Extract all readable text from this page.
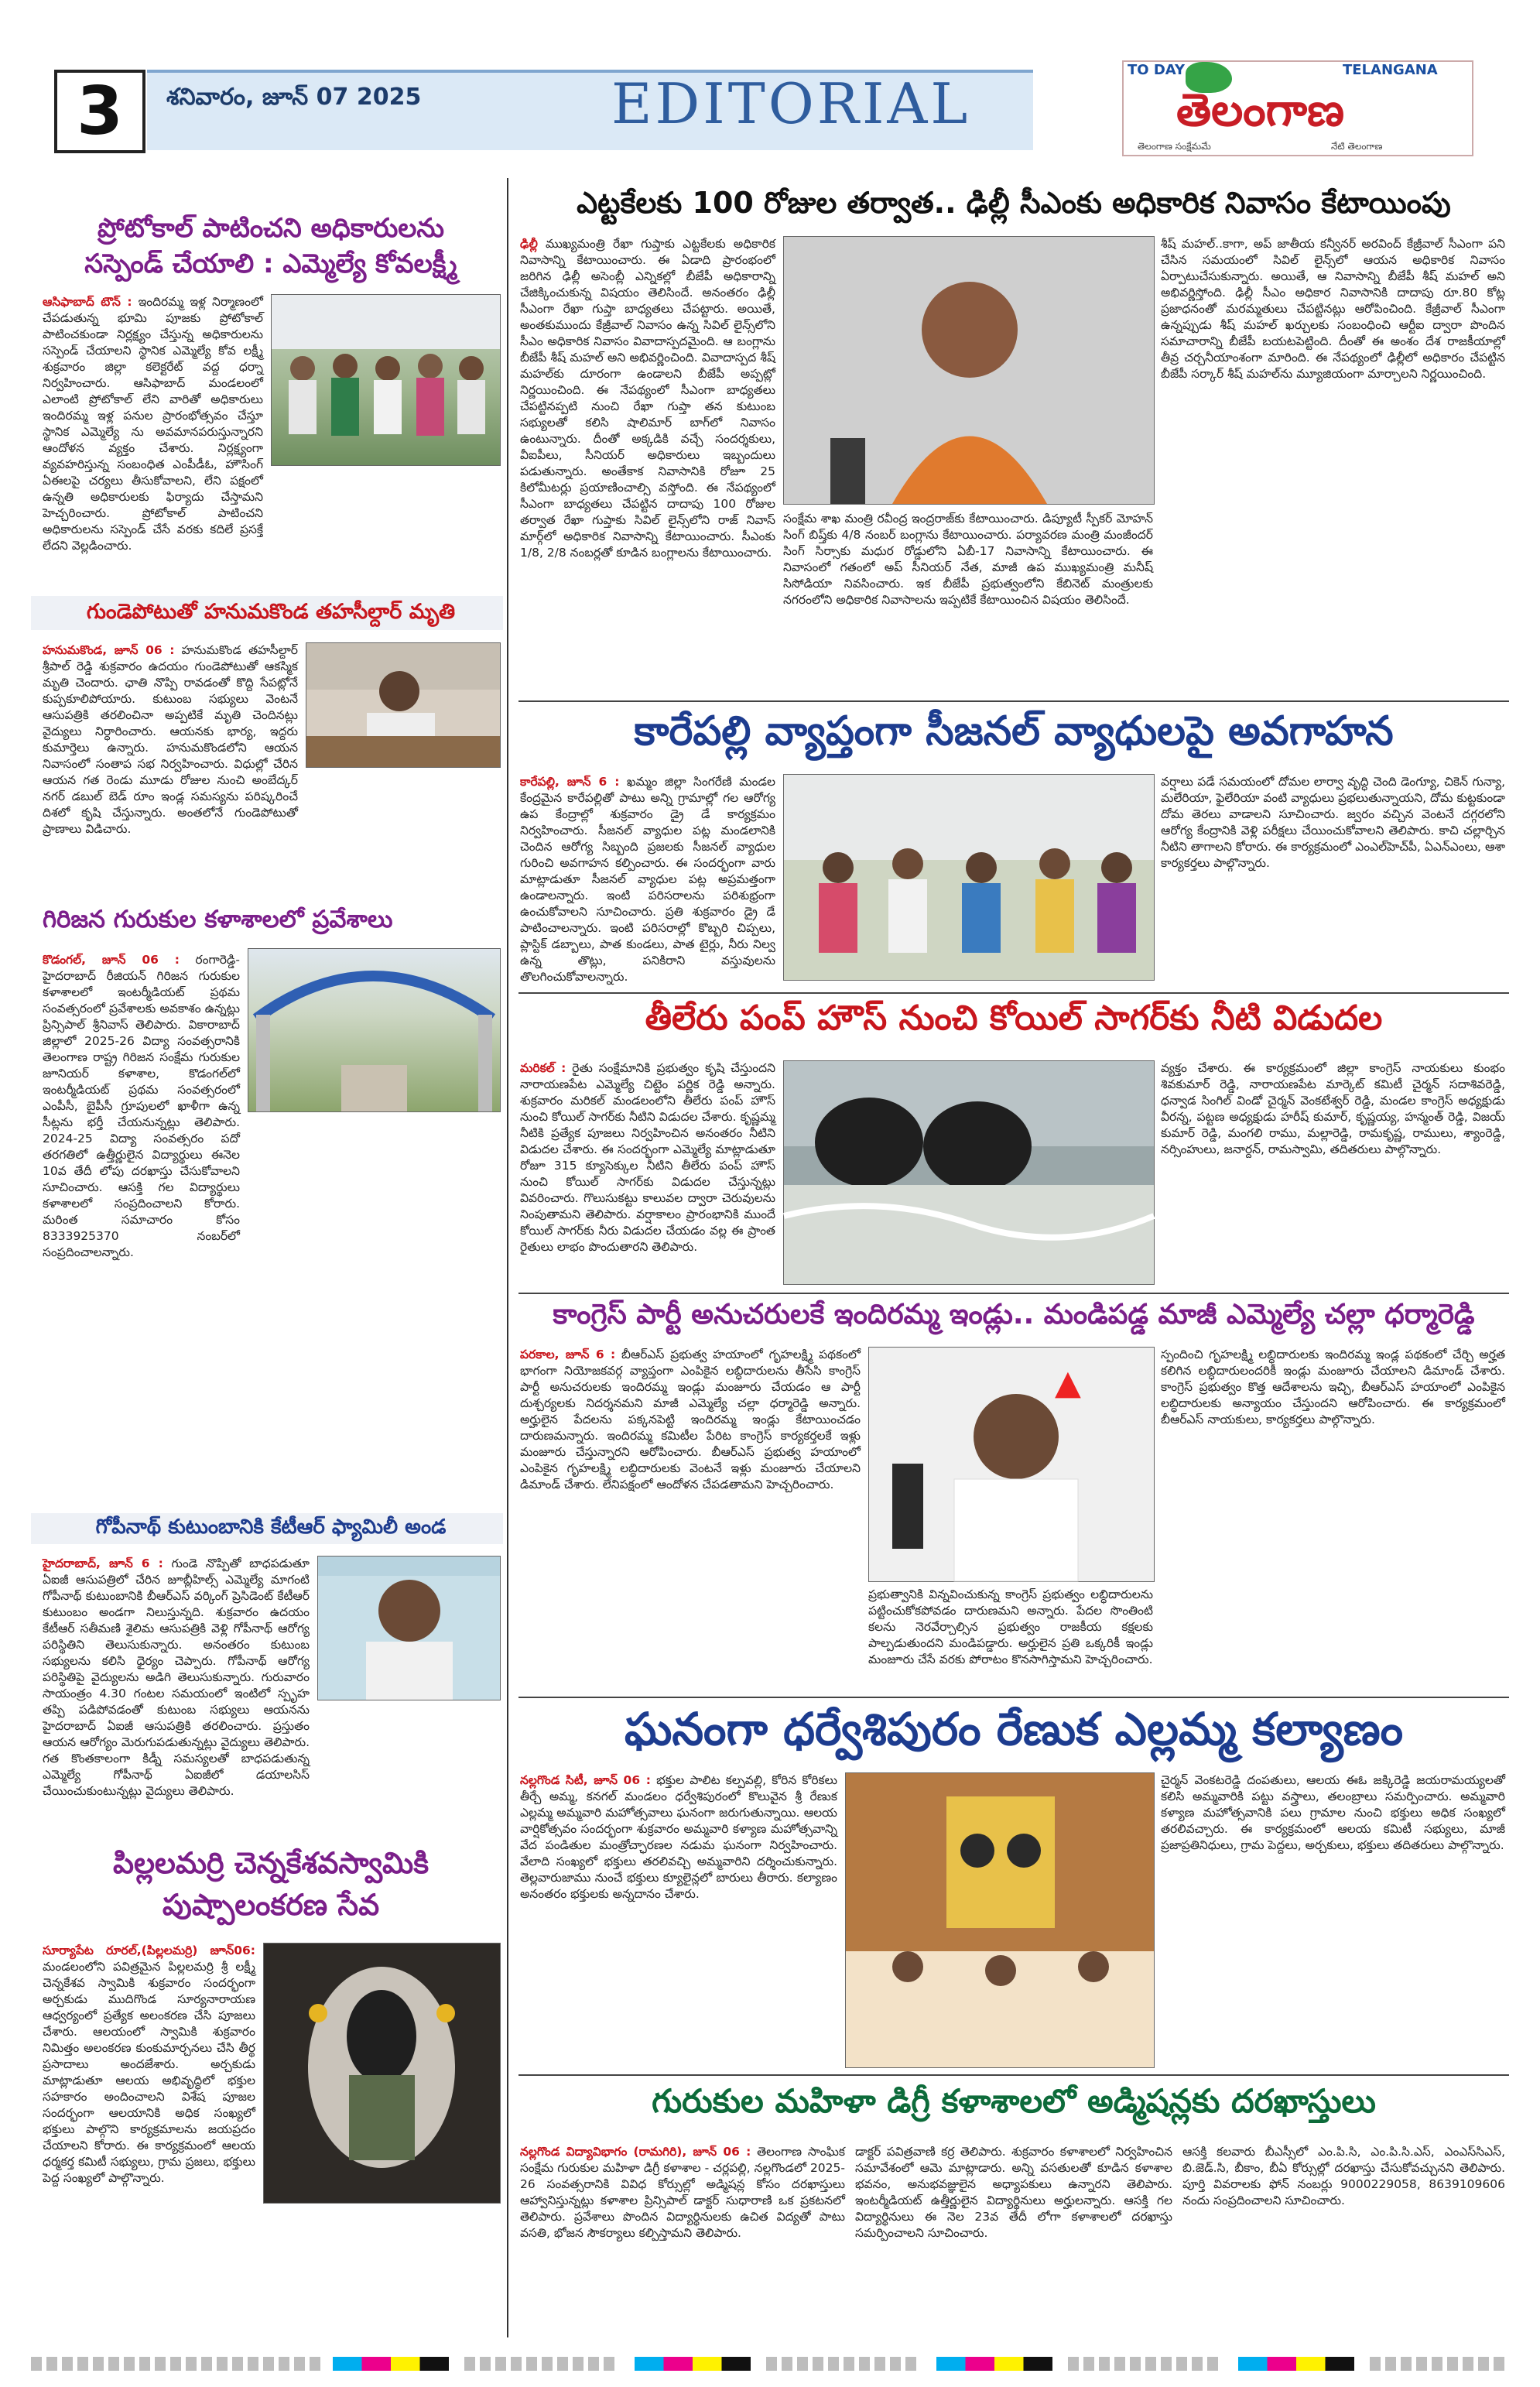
3	శనివారం, జూన్ 07 2025	EDITORIAL
TO DAY	TELANGANA
తెలంగాణ
తెలంగాణ సంక్షేమమే	నేటి తెలంగాణ
ప్రోటోకాల్ పాటించని అధికారులను
సస్పెండ్ చేయాలి : ఎమ్మెల్యే కోవలక్ష్మీ
ఆసిఫాబాద్ టౌన్ : ఇందిరమ్మ ఇళ్ల నిర్మాణంలో చేపడుతున్న భూమి పూజకు ప్రోటోకాల్ పాటించకుండా నిర్లక్ష్యం చేస్తున్న అధికారులను సస్పెండ్ చేయాలని స్థానిక ఎమ్మెల్యే కోవ లక్ష్మీ శుక్రవారం జిల్లా కలెక్టరేట్ వద్ద ధర్నా నిర్వహించారు. ఆసిఫాబాద్ మండలంలో ఎలాంటి ప్రోటోకాల్ లేని వారితో అధికారులు ఇందిరమ్మ ఇళ్ల పనుల ప్రారంభోత్సవం చేస్తూ స్థానిక ఎమ్మెల్యే ను అవమానపరుస్తున్నారని ఆందోళన వ్యక్తం చేశారు. నిర్లక్ష్యంగా వ్యవహరిస్తున్న సంబంధిత ఎంపీడీఓ, హౌసింగ్ ఏఈలపై చర్యలు తీసుకోవాలని, లేని పక్షంలో ఉన్నతి అధికారులకు ఫిర్యాదు చేస్తామని హెచ్చరించారు. ప్రోటోకాల్ పాటించని అధికారులను సస్పెండ్ చేసే వరకు కదిలే ప్రసక్తే లేదని వెల్లడించారు.
గుండెపోటుతో హనుమకొండ తహసీల్దార్ మృతి
హనుమకొండ, జూన్ 06 : హనుమకొండ తహసీల్దార్ శ్రీపాల్ రెడ్డి శుక్రవారం ఉదయం గుండెపోటుతో ఆకస్మిక మృతి చెందారు. ఛాతి నొప్పి రావడంతో కొద్ది సేపట్లోనే కుప్పకూలిపోయారు. కుటుంబ సభ్యులు వెంటనే ఆసుపత్రికి తరలించినా అప్పటికే మృతి చెందినట్లు వైద్యులు నిర్ధారించారు. ఆయనకు భార్య, ఇద్దరు కుమార్తెలు ఉన్నారు. హనుమకొండలోని ఆయన నివాసంలో సంతాప సభ నిర్వహించారు. విధుల్లో చేరిన ఆయన గత రెండు మూడు రోజుల నుంచి అంబేద్కర్ నగర్ డబుల్ బెడ్ రూం ఇండ్ల సమస్యను పరిష్కరించే దిశలో కృషి చేస్తున్నారు. అంతలోనే గుండెపోటుతో ప్రాణాలు విడిచారు.
గిరిజన గురుకుల కళాశాలలో ప్రవేశాలు
కొడంగల్, జూన్ 06 : రంగారెడ్డి-హైదరాబాద్ రీజియన్ గిరిజన గురుకుల కళాశాలలో ఇంటర్మీడియట్ ప్రథమ సంవత్సరంలో ప్రవేశాలకు అవకాశం ఉన్నట్లు ప్రిన్సిపాల్ శ్రీనివాస్ తెలిపారు. వికారాబాద్ జిల్లాలో 2025-26 విద్యా సంవత్సరానికి తెలంగాణ రాష్ట్ర గిరిజన సంక్షేమ గురుకుల జూనియర్ కళాశాల, కొడంగల్‌లో ఇంటర్మీడియట్ ప్రథమ సంవత్సరంలో ఎంపీసీ, బైపీసీ గ్రూపులలో ఖాళీగా ఉన్న సీట్లను భర్తీ చేయనున్నట్లు తెలిపారు. 2024-25 విద్యా సంవత్సరం పదో తరగతిలో ఉత్తీర్ణులైన విద్యార్థులు ఈనెల 10వ తేదీ లోపు దరఖాస్తు చేసుకోవాలని సూచించారు. ఆసక్తి గల విద్యార్థులు కళాశాలలో సంప్రదించాలని కోరారు. మరింత సమాచారం కోసం 8333925370 నంబర్‌లో సంప్రదించాలన్నారు.
గోపీనాథ్ కుటుంబానికి కేటీఆర్ ఫ్యామిలీ అండ
హైదరాబాద్, జూన్ 6 : గుండె నొప్పితో బాధపడుతూ ఏఐజీ ఆసుపత్రిలో చేరిన జూబ్లీహిల్స్ ఎమ్మెల్యే మాగంటి గోపీనాథ్ కుటుంబానికి బీఆర్ఎస్ వర్కింగ్ ప్రెసిడెంట్ కేటీఆర్ కుటుంబం అండగా నిలుస్తున్నది. శుక్రవారం ఉదయం కేటీఆర్ సతీమణి శైలిమ ఆసుపత్రికి వెళ్లి గోపీనాథ్ ఆరోగ్య పరిస్థితిని తెలుసుకున్నారు. అనంతరం కుటుంబ సభ్యులను కలిసి ధైర్యం చెప్పారు. గోపీనాథ్ ఆరోగ్య పరిస్థితిపై వైద్యులను అడిగి తెలుసుకున్నారు. గురువారం సాయంత్రం 4.30 గంటల సమయంలో ఇంటిలో స్పృహ తప్పి పడిపోవడంతో కుటుంబ సభ్యులు ఆయనను హైదరాబాద్ ఏఐజీ ఆసుపత్రికి తరలించారు. ప్రస్తుతం ఆయన ఆరోగ్యం మెరుగుపడుతున్నట్లు వైద్యులు తెలిపారు. గత కొంతకాలంగా కిడ్నీ సమస్యలతో బాధపడుతున్న ఎమ్మెల్యే గోపీనాథ్ ఏఐజీలో డయాలసిస్ చేయించుకుంటున్నట్లు వైద్యులు తెలిపారు.
పిల్లలమర్రి చెన్నకేశవస్వామికి
పుష్పాలంకరణ సేవ
సూర్యాపేట రూరల్,(పిల్లలమర్రి) జూన్06: మండలంలోని పవిత్రమైన పిల్లలమర్రి శ్రీ లక్ష్మీ చెన్నకేశవ స్వామికి శుక్రవారం సందర్భంగా అర్చకుడు ముదిగొండ సూర్యనారాయణ ఆధ్వర్యంలో ప్రత్యేక అలంకరణ చేసి పూజలు చేశారు. ఆలయంలో స్వామికి శుక్రవారం నిమిత్తం అలంకరణ కుంకుమార్చనలు చేసి తీర్థ ప్రసాదాలు అందజేశారు. అర్చకుడు మాట్లాడుతూ ఆలయ అభివృద్ధిలో భక్తుల సహకారం అందించాలని విశేష పూజల సందర్భంగా ఆలయానికి అధిక సంఖ్యలో భక్తులు పాల్గొని కార్యక్రమాలను జయప్రదం చేయాలని కోరారు. ఈ కార్యక్రమంలో ఆలయ ధర్మకర్త కమిటీ సభ్యులు, గ్రామ ప్రజలు, భక్తులు పెద్ద సంఖ్యలో పాల్గొన్నారు.
ఎట్టకేలకు 100 రోజుల తర్వాత.. ఢిల్లీ సీఎంకు అధికారిక నివాసం కేటాయింపు
ఢిల్లీ ముఖ్యమంత్రి రేఖా గుప్తాకు ఎట్టకేలకు అధికారిక నివాసాన్ని కేటాయించారు. ఈ ఏడాది ప్రారంభంలో జరిగిన ఢిల్లీ అసెంబ్లీ ఎన్నికల్లో బీజేపీ అధికారాన్ని చేజిక్కించుకున్న విషయం తెలిసిందే. అనంతరం ఢిల్లీ సీఎంగా రేఖా గుప్తా బాధ్యతలు చేపట్టారు. అయితే, అంతకుముందు కేజ్రీవాల్ నివాసం ఉన్న సివిల్ లైన్స్‌లోని సీఎం అధికారిక నివాసం వివాదాస్పదమైంది. ఆ బంగ్లాను బీజేపీ శీష్ మహల్ అని అభివర్ణించింది. వివాదాస్పద శీష్ మహల్‌కు దూరంగా ఉండాలని బీజేపీ అప్పట్లో నిర్ణయించింది. ఈ నేపథ్యంలో సీఎంగా బాధ్యతలు చేపట్టినప్పటి నుంచి రేఖా గుప్తా తన కుటుంబ సభ్యులతో కలిసి షాలిమార్ బాగ్‌లో నివాసం ఉంటున్నారు. దీంతో అక్కడికి వచ్చే సందర్శకులు, వీఐపీలు, సీనియర్ అధికారులు ఇబ్బందులు పడుతున్నారు. అంతేకాక నివాసానికి రోజూ 25 కిలోమీటర్లు ప్రయాణించాల్సి వస్తోంది. ఈ నేపథ్యంలో సీఎంగా బాధ్యతలు చేపట్టిన దాదాపు 100 రోజుల తర్వాత రేఖా గుప్తాకు సివిల్ లైన్స్‌లోని రాజ్ నివాస్ మార్గ్‌లో అధికారిక నివాసాన్ని కేటాయించారు. సీఎంకు 1/8, 2/8 నంబర్లతో కూడిన బంగ్లాలను కేటాయించారు.
సంక్షేమ శాఖ మంత్రి రవీంద్ర ఇంద్రరాజ్‌కు కేటాయించారు. డిప్యూటీ స్పీకర్ మోహన్ సింగ్ బిష్త్‌కు 4/8 నంబర్ బంగ్లాను కేటాయించారు. పర్యావరణ మంత్రి మంజీందర్ సింగ్ సిర్సాకు మధుర రోడ్డులోని ఏబీ-17 నివాసాన్ని కేటాయించారు. ఈ నివాసంలో గతంలో అప్ సీనియర్ నేత, మాజీ ఉప ముఖ్యమంత్రి మనీష్ సిసోడియా నివసించారు. ఇక బీజేపీ ప్రభుత్వంలోని కేబినెట్ మంత్రులకు నగరంలోని అధికారిక నివాసాలను ఇప్పటికే కేటాయించిన విషయం తెలిసిందే.
శీష్ మహల్..కాగా, అప్ జాతీయ కన్వీనర్ అరవింద్ కేజ్రీవాల్ సీఎంగా పని చేసిన సమయంలో సివిల్ లైన్స్‌లో ఆయన అధికారిక నివాసం ఏర్పాటుచేసుకున్నారు. అయితే, ఆ నివాసాన్ని బీజేపీ శీష్ మహల్ అని అభివర్ణిస్తోంది. ఢిల్లీ సీఎం అధికార నివాసానికి దాదాపు రూ.80 కోట్ల ప్రజాధనంతో మరమ్మతులు చేపట్టినట్లు ఆరోపించింది. కేజ్రీవాల్ సీఎంగా ఉన్నప్పుడు శీష్ మహల్ ఖర్చులకు సంబంధించి ఆర్టీఐ ద్వారా పొందిన సమాచారాన్ని బీజేపీ బయటపెట్టింది. దీంతో ఈ అంశం దేశ రాజకీయాల్లో తీవ్ర చర్చనీయాంశంగా మారింది. ఈ నేపథ్యంలో ఢిల్లీలో అధికారం చేపట్టిన బీజేపీ సర్కార్ శీష్ మహల్‌ను మ్యూజియంగా మార్చాలని నిర్ణయించింది.
కారేపల్లి వ్యాప్తంగా సీజనల్ వ్యాధులపై అవగాహన
కారేపల్లి, జూన్ 6 : ఖమ్మం జిల్లా సింగరేణి మండల కేంద్రమైన కారేపల్లితో పాటు అన్ని గ్రామాల్లో గల ఆరోగ్య ఉప కేంద్రాల్లో శుక్రవారం డ్రై డే కార్యక్రమం నిర్వహించారు. సీజనల్ వ్యాధుల పట్ల మండలానికి చెందిన ఆరోగ్య సిబ్బంది ప్రజలకు సీజనల్ వ్యాధుల గురించి అవగాహన కల్పించారు. ఈ సందర్భంగా వారు మాట్లాడుతూ సీజనల్ వ్యాధుల పట్ల అప్రమత్తంగా ఉండాలన్నారు. ఇంటి పరిసరాలను పరిశుభ్రంగా ఉంచుకోవాలని సూచించారు. ప్రతి శుక్రవారం డ్రై డే పాటించాలన్నారు. ఇంటి పరిసరాల్లో కొబ్బరి చిప్పలు, ప్లాస్టిక్ డబ్బాలు, పాత కుండలు, పాత టైర్లు, నీరు నిల్వ ఉన్న తొట్లు, పనికిరాని వస్తువులను తొలగించుకోవాలన్నారు.
వర్షాలు పడే సమయంలో దోమల లార్వా వృద్ధి చెంది డెంగ్యూ, చికెన్ గున్యా, మలేరియా, ఫైలేరియా వంటి వ్యాధులు ప్రభలుతున్నాయని, దోమ కుట్టకుండా దోమ తెరలు వాడాలని సూచించారు. జ్వరం వచ్చిన వెంటనే దగ్గరలోని ఆరోగ్య కేంద్రానికి వెళ్లి పరీక్షలు చేయించుకోవాలని తెలిపారు. కాచి చల్లార్చిన నీటిని తాగాలని కోరారు. ఈ కార్యక్రమంలో ఎంఎల్‌హెచ్‌పీ, ఏఎన్ఎంలు, ఆశా కార్యకర్తలు పాల్గొన్నారు.
తీలేరు పంప్ హౌస్ నుంచి కోయిల్ సాగర్‌కు నీటి విడుదల
మరికల్ : రైతు సంక్షేమానికి ప్రభుత్వం కృషి చేస్తుందని నారాయణపేట ఎమ్మెల్యే చిట్టెం పర్ణిక రెడ్డి అన్నారు. శుక్రవారం మరికల్ మండలంలోని తీలేరు పంప్ హౌస్ నుంచి కోయిల్ సాగర్‌కు నీటిని విడుదల చేశారు. కృష్ణమ్మ నీటికి ప్రత్యేక పూజలు నిర్వహించిన అనంతరం నీటిని విడుదల చేశారు. ఈ సందర్భంగా ఎమ్మెల్యే మాట్లాడుతూ రోజూ 315 క్యూసెక్కుల నీటిని తీలేరు పంప్ హౌస్ నుంచి కోయిల్ సాగర్‌కు విడుదల చేస్తున్నట్లు వివరించారు. గొలుసుకట్టు కాలువల ద్వారా చెరువులను నింపుతామని తెలిపారు. వర్షాకాలం ప్రారంభానికి ముందే కోయిల్ సాగర్‌కు నీరు విడుదల చేయడం వల్ల ఈ ప్రాంత రైతులు లాభం పొందుతారని తెలిపారు.
వ్యక్తం చేశారు. ఈ కార్యక్రమంలో జిల్లా కాంగ్రెస్ నాయకులు కుంభం శివకుమార్ రెడ్డి, నారాయణపేట మార్కెట్ కమిటీ చైర్మన్ సదాశివరెడ్డి, ధన్వాడ సింగిల్ విండో చైర్మన్ వెంకటేశ్వర్ రెడ్డి, మండల కాంగ్రెస్ అధ్యక్షుడు వీరన్న, పట్టణ అధ్యక్షుడు హరీష్ కుమార్, కృష్ణయ్య, హన్మంత్ రెడ్డి, విజయ్ కుమార్ రెడ్డి, మంగలి రాము, మల్లారెడ్డి, రామకృష్ణ, రాములు, శ్యాంరెడ్డి, నర్సింహులు, జనార్దన్, రామస్వామి, తదితరులు పాల్గొన్నారు.
కాంగ్రెస్ పార్టీ అనుచరులకే ఇందిరమ్మ ఇండ్లు.. మండిపడ్డ మాజీ ఎమ్మెల్యే చల్లా ధర్మారెడ్డి
పరకాల, జూన్ 6 : బీఆర్ఎస్ ప్రభుత్వ హయాంలో గృహలక్ష్మి పథకంలో భాగంగా నియోజకవర్గ వ్యాప్తంగా ఎంపికైన లబ్ధిదారులను తీసేసి కాంగ్రెస్ పార్టీ అనుచరులకు ఇందిరమ్మ ఇండ్లు మంజూరు చేయడం ఆ పార్టీ దుశ్చర్యలకు నిదర్శనమని మాజీ ఎమ్మెల్యే చల్లా ధర్మారెడ్డి అన్నారు. అర్హులైన పేదలను పక్కనపెట్టి ఇందిరమ్మ ఇండ్లు కేటాయించడం దారుణమన్నారు. ఇందిరమ్మ కమిటీల పేరిట కాంగ్రెస్ కార్యకర్తలకే ఇళ్లు మంజూరు చేస్తున్నారని ఆరోపించారు. బీఆర్ఎస్ ప్రభుత్వ హయాంలో ఎంపికైన గృహలక్ష్మి లబ్ధిదారులకు వెంటనే ఇళ్లు మంజూరు చేయాలని డిమాండ్ చేశారు. లేనిపక్షంలో ఆందోళన చేపడతామని హెచ్చరించారు.
▲
ప్రభుత్వానికి విన్నవించుకున్న కాంగ్రెస్ ప్రభుత్వం లబ్ధిదారులను పట్టించుకోకపోవడం దారుణమని అన్నారు. పేదల సొంతింటి కలను నెరవేర్చాల్సిన ప్రభుత్వం రాజకీయ కక్షలకు పాల్పడుతుందని మండిపడ్డారు. అర్హులైన ప్రతి ఒక్కరికీ ఇండ్లు మంజూరు చేసే వరకు పోరాటం కొనసాగిస్తామని హెచ్చరించారు.
స్పందించి గృహలక్ష్మి లబ్ధిదారులకు ఇందిరమ్మ ఇండ్ల పథకంలో చేర్చి అర్హత కలిగిన లబ్ధిదారులందరికీ ఇండ్లు మంజూరు చేయాలని డిమాండ్ చేశారు. కాంగ్రెస్ ప్రభుత్వం కొత్త ఆదేశాలను ఇచ్చి, బీఆర్ఎస్ హయాంలో ఎంపికైన లబ్ధిదారులకు అన్యాయం చేస్తుందని ఆరోపించారు. ఈ కార్యక్రమంలో బీఆర్ఎస్ నాయకులు, కార్యకర్తలు పాల్గొన్నారు.
ఘనంగా ధర్వేశిపురం రేణుక ఎల్లమ్మ కల్యాణం
నల్లగొండ సిటీ, జూన్ 06 : భక్తుల పాలిట కల్పవల్లి, కోరిన కోరికలు తీర్చే అమ్మ, కనగల్ మండలం ధర్వేశిపురంలో కొలువైన శ్రీ రేణుక ఎల్లమ్మ అమ్మవారి మహోత్సవాలు ఘనంగా జరుగుతున్నాయి. ఆలయ వార్షికోత్సవం సందర్భంగా శుక్రవారం అమ్మవారి కళ్యాణ మహోత్సవాన్ని వేద పండితుల మంత్రోచ్ఛారణల నడుమ ఘనంగా నిర్వహించారు. వేలాది సంఖ్యలో భక్తులు తరలివచ్చి అమ్మవారిని దర్శించుకున్నారు. తెల్లవారుజాము నుంచే భక్తులు క్యూలైన్లలో బారులు తీరారు. కల్యాణం అనంతరం భక్తులకు అన్నదానం చేశారు.
చైర్మన్ వెంకటరెడ్డి దంపతులు, ఆలయ ఈఓ జక్కిరెడ్డి జయరామయ్యలతో కలిసి అమ్మవారికి పట్టు వస్త్రాలు, తలంబ్రాలు సమర్పించారు. అమ్మవారి కళ్యాణ మహోత్సవానికి పలు గ్రామాల నుంచి భక్తులు అధిక సంఖ్యలో తరలివచ్చారు. ఈ కార్యక్రమంలో ఆలయ కమిటీ సభ్యులు, మాజీ ప్రజాప్రతినిధులు, గ్రామ పెద్దలు, అర్చకులు, భక్తులు తదితరులు పాల్గొన్నారు.
గురుకుల మహిళా డిగ్రీ కళాశాలలో అడ్మిషన్లకు దరఖాస్తులు
నల్లగొండ విద్యావిభాగం (రామగిరి), జూన్ 06 : తెలంగాణ సాంఘిక సంక్షేమ గురుకుల మహిళా డిగ్రీ కళాశాల - చర్లపల్లి, నల్లగొండలో 2025-26 సంవత్సరానికి వివిధ కోర్సుల్లో అడ్మిషన్ల కోసం దరఖాస్తులు ఆహ్వానిస్తున్నట్లు కళాశాల ప్రిన్సిపాల్ డాక్టర్ సుధారాణి ఒక ప్రకటనలో తెలిపారు. ప్రవేశాలు పొందిన విద్యార్థినులకు ఉచిత విద్యతో పాటు వసతి, భోజన సౌకర్యాలు కల్పిస్తామని తెలిపారు.
డాక్టర్ పవిత్రవాణి కర్ర తెలిపారు. శుక్రవారం కళాశాలలో నిర్వహించిన సమావేశంలో ఆమె మాట్లాడారు. అన్ని వసతులతో కూడిన కళాశాల భవనం, అనుభవజ్ఞులైన అధ్యాపకులు ఉన్నారని తెలిపారు. ఇంటర్మీడియట్ ఉత్తీర్ణులైన విద్యార్థినులు అర్హులన్నారు. ఆసక్తి గల విద్యార్థినులు ఈ నెల 23వ తేదీ లోగా కళాశాలలో దరఖాస్తు సమర్పించాలని సూచించారు.
ఆసక్తి కలవారు బీఎస్సీలో ఎం.పి.సి, ఎం.పి.సి.ఎస్, ఎంఎస్‌సిఎస్, బి.జెడ్.సి, బీకాం, బీఏ కోర్సుల్లో దరఖాస్తు చేసుకోవచ్చునని తెలిపారు. పూర్తి వివరాలకు ఫోన్ నంబర్లు 9000229058, 8639109606 నందు సంప్రదించాలని సూచించారు.
